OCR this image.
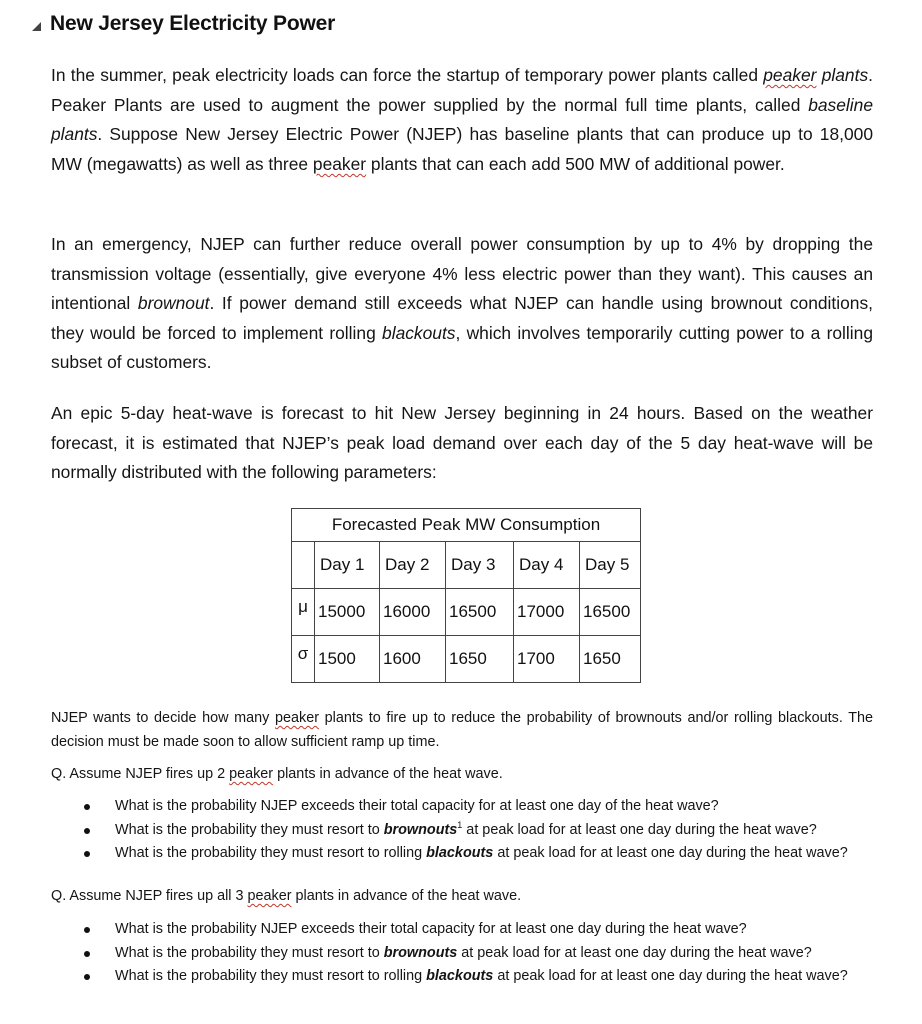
New Jersey Electricity Power

In the summer, peak electricity loads can force the startup of temporary power plants called peaker plants. Peaker Plants are used to augment the power supplied by the normal full time plants, called baseline plants. Suppose New Jersey Electric Power (NJEP) has baseline plants that can produce up to 18,000 MW (megawatts) as well as three peaker plants that can each add 500 MW of additional power.

In an emergency, NJEP can further reduce overall power consumption by up to 4% by dropping the transmission voltage (essentially, give everyone 4% less electric power than they want). This causes an intentional brownout. If power demand still exceeds what NJEP can handle using brownout conditions, they would be forced to implement rolling blackouts, which involves temporarily cutting power to a rolling subset of customers.

An epic 5-day heat-wave is forecast to hit New Jersey beginning in 24 hours. Based on the weather forecast, it is estimated that NJEP’s peak load demand over each day of the 5 day heat-wave will be normally distributed with the following parameters:

Forecasted Peak MW Consumption					
	Day 1	Day 2	Day 3	Day 4	Day 5
μ	15000	16000	16500	17000	16500
σ	1500	1600	1650	1700	1650

NJEP wants to decide how many peaker plants to fire up to reduce the probability of brownouts and/or rolling blackouts. The decision must be made soon to allow sufficient ramp up time.

Q. Assume NJEP fires up 2 peaker plants in advance of the heat wave.

What is the probability NJEP exceeds their total capacity for at least one day of the heat wave?
What is the probability they must resort to brownouts$^1$ at peak load for at least one day during the heat wave?
What is the probability they must resort to rolling blackouts at peak load for at least one day during the heat wave?

Q. Assume NJEP fires up all 3 peaker plants in advance of the heat wave.

What is the probability NJEP exceeds their total capacity for at least one day during the heat wave?
What is the probability they must resort to brownouts at peak load for at least one day during the heat wave?
What is the probability they must resort to rolling blackouts at peak load for at least one day during the heat wave?
